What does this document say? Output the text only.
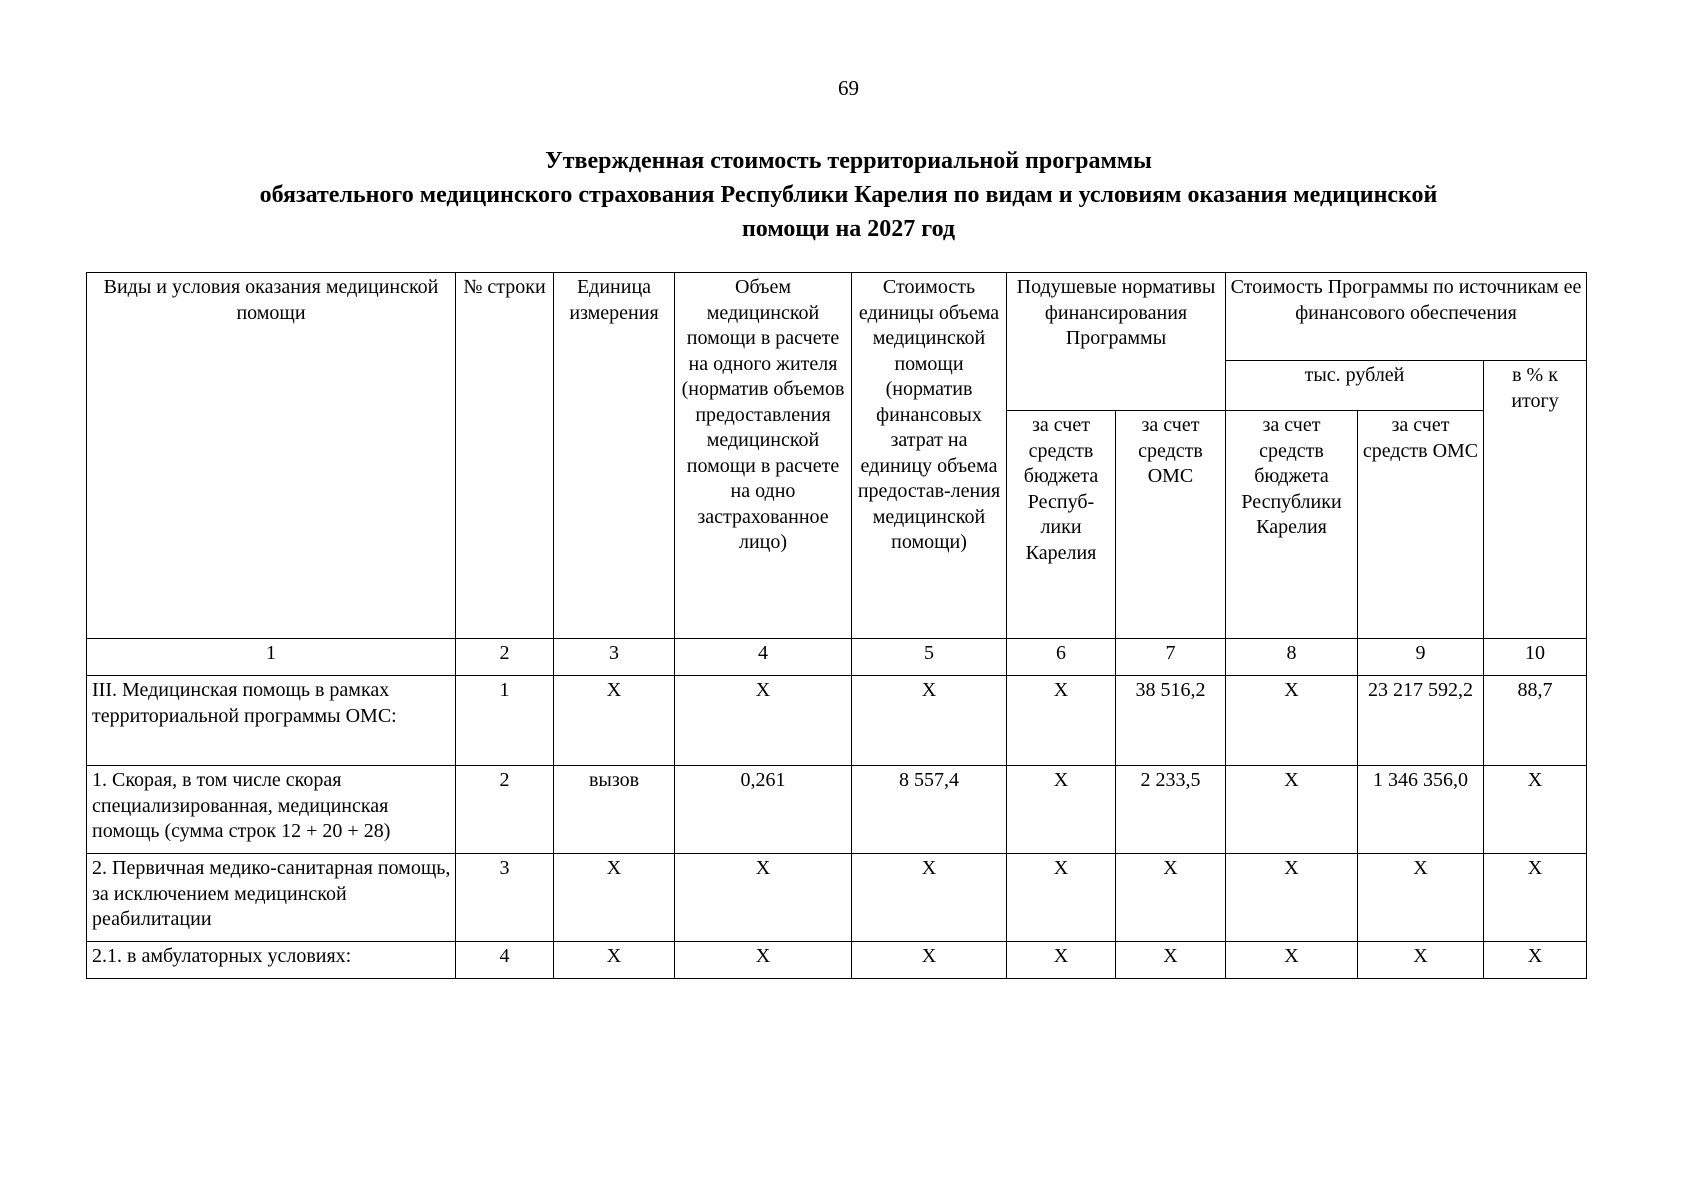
69
Утвержденная стоимость территориальной программы
обязательного медицинского страхования Республики Карелия по видам и условиям оказания медицинской
помощи на 2027 год
Виды и условия оказания медицинской помощи	№ строки	Единица измерения	Объем медицинской помощи в расчете на одного жителя (норматив объемов предоставления медицинской помощи в расчете на одно застрахованное лицо)	Стоимость единицы объема медицинской помощи (норматив финансовых затрат на единицу объема предостав-ления медицинской помощи)	Подушевые нормативы финансирования Программы		Стоимость Программы по источникам ее финансового обеспечения		
							тыс. рублей		в % к итогу
					за счет средств бюджета Респуб-лики Карелия	за счет средств ОМС	за счет средств бюджета Республики Карелия	за счет средств ОМС	
1	2	3	4	5	6	7	8	9	10
III. Медицинская помощь в рамках территориальной программы ОМС:	1	X	X	X	X	38 516,2	X	23 217 592,2	88,7
1. Скорая, в том числе скорая специализированная, медицинская помощь (сумма строк 12 + 20 + 28)	2	вызов	0,261	8 557,4	X	2 233,5	X	1 346 356,0	X
2. Первичная медико-санитарная помощь, за исключением медицинской реабилитации	3	X	X	X	X	X	X	X	X
2.1. в амбулаторных условиях:	4	X	X	X	X	X	X	X	X
